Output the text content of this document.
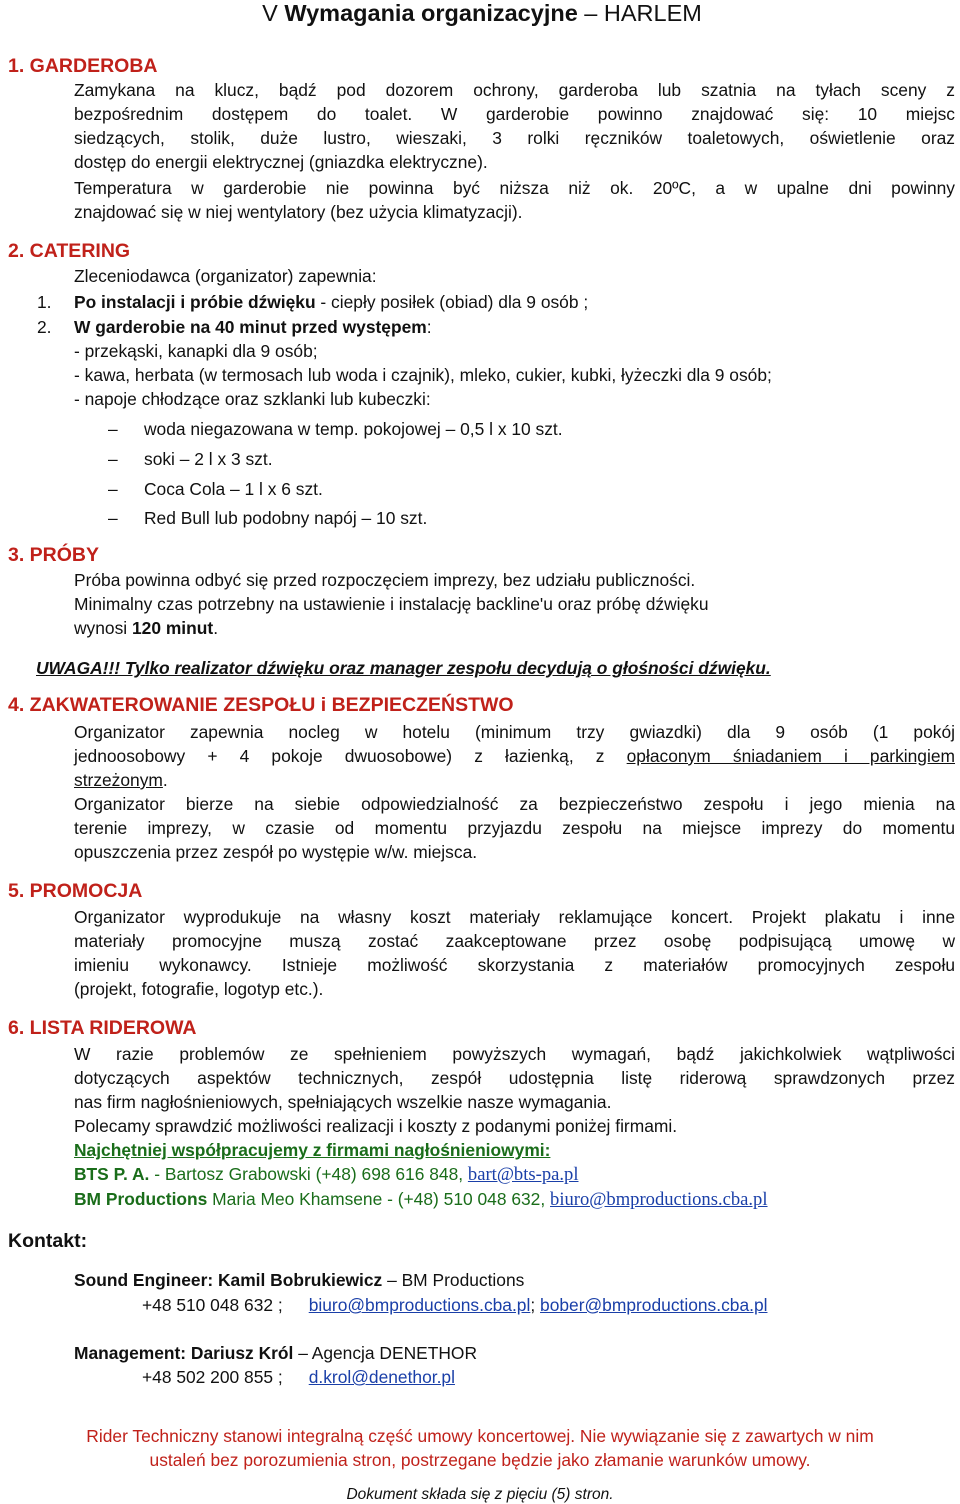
V Wymagania organizacyjne – HARLEM
1. GARDEROBA
Zamykana na klucz, bądź pod dozorem ochrony, garderoba lub szatnia na tyłach sceny z
bezpośrednim dostępem do toalet. W garderobie powinno znajdować się: 10 miejsc
siedzących, stolik, duże lustro, wieszaki, 3 rolki ręczników toaletowych, oświetlenie oraz
dostęp do energii elektrycznej (gniazdka elektryczne).
Temperatura w garderobie nie powinna być niższa niż ok. 20ºC, a w upalne dni powinny
znajdować się w niej wentylatory (bez użycia klimatyzacji).
2. CATERING
Zleceniodawca (organizator) zapewnia:
1. Po instalacji i próbie dźwięku - ciepły posiłek (obiad) dla 9 osób ;
2. W garderobie na 40 minut przed występem:
- przekąski, kanapki dla 9 osób;
- kawa, herbata (w termosach lub woda i czajnik), mleko, cukier, kubki, łyżeczki dla 9 osób;
- napoje chłodzące oraz szklanki lub kubeczki:
– woda niegazowana w temp. pokojowej – 0,5 l x 10 szt.
– soki – 2 l x 3 szt.
– Coca Cola – 1 l x 6 szt.
– Red Bull lub podobny napój – 10 szt.
3. PRÓBY
Próba powinna odbyć się przed rozpoczęciem imprezy, bez udziału publiczności.
Minimalny czas potrzebny na ustawienie i instalację backline'u oraz próbę dźwięku
wynosi 120 minut.
UWAGA!!! Tylko realizator dźwięku oraz manager zespołu decydują o głośności dźwięku.
4. ZAKWATEROWANIE ZESPOŁU i BEZPIECZEŃSTWO
Organizator zapewnia nocleg w hotelu (minimum trzy gwiazdki) dla 9 osób (1 pokój
jednoosobowy + 4 pokoje dwuosobowe) z łazienką, z opłaconym śniadaniem i parkingiem
strzeżonym.
Organizator bierze na siebie odpowiedzialność za bezpieczeństwo zespołu i jego mienia na
terenie imprezy, w czasie od momentu przyjazdu zespołu na miejsce imprezy do momentu
opuszczenia przez zespół po występie w/w. miejsca.
5. PROMOCJA
Organizator wyprodukuje na własny koszt materiały reklamujące koncert. Projekt plakatu i inne
materiały promocyjne muszą zostać zaakceptowane przez osobę podpisującą umowę w
imieniu wykonawcy. Istnieje możliwość skorzystania z materiałów promocyjnych zespołu
(projekt, fotografie, logotyp etc.).
6. LISTA RIDEROWA
W razie problemów ze spełnieniem powyższych wymagań, bądź jakichkolwiek wątpliwości
dotyczących aspektów technicznych, zespół udostępnia listę riderową sprawdzonych przez
nas firm nagłośnieniowych, spełniających wszelkie nasze wymagania.
Polecamy sprawdzić możliwości realizacji i koszty z podanymi poniżej firmami.
Najchętniej współpracujemy z firmami nagłośnieniowymi:
BTS P. A. - Bartosz Grabowski (+48) 698 616 848, bart@bts-pa.pl
BM Productions Maria Meo Khamsene - (+48) 510 048 632, biuro@bmproductions.cba.pl
Kontakt:
Sound Engineer: Kamil Bobrukiewicz – BM Productions
+48 510 048 632 ; biuro@bmproductions.cba.pl; bober@bmproductions.cba.pl
Management: Dariusz Król – Agencja DENETHOR
+48 502 200 855 ; d.krol@denethor.pl
Rider Techniczny stanowi integralną część umowy koncertowej. Nie wywiązanie się z zawartych w nim
ustaleń bez porozumienia stron, postrzegane będzie jako złamanie warunków umowy.
Dokument składa się z pięciu (5) stron.
